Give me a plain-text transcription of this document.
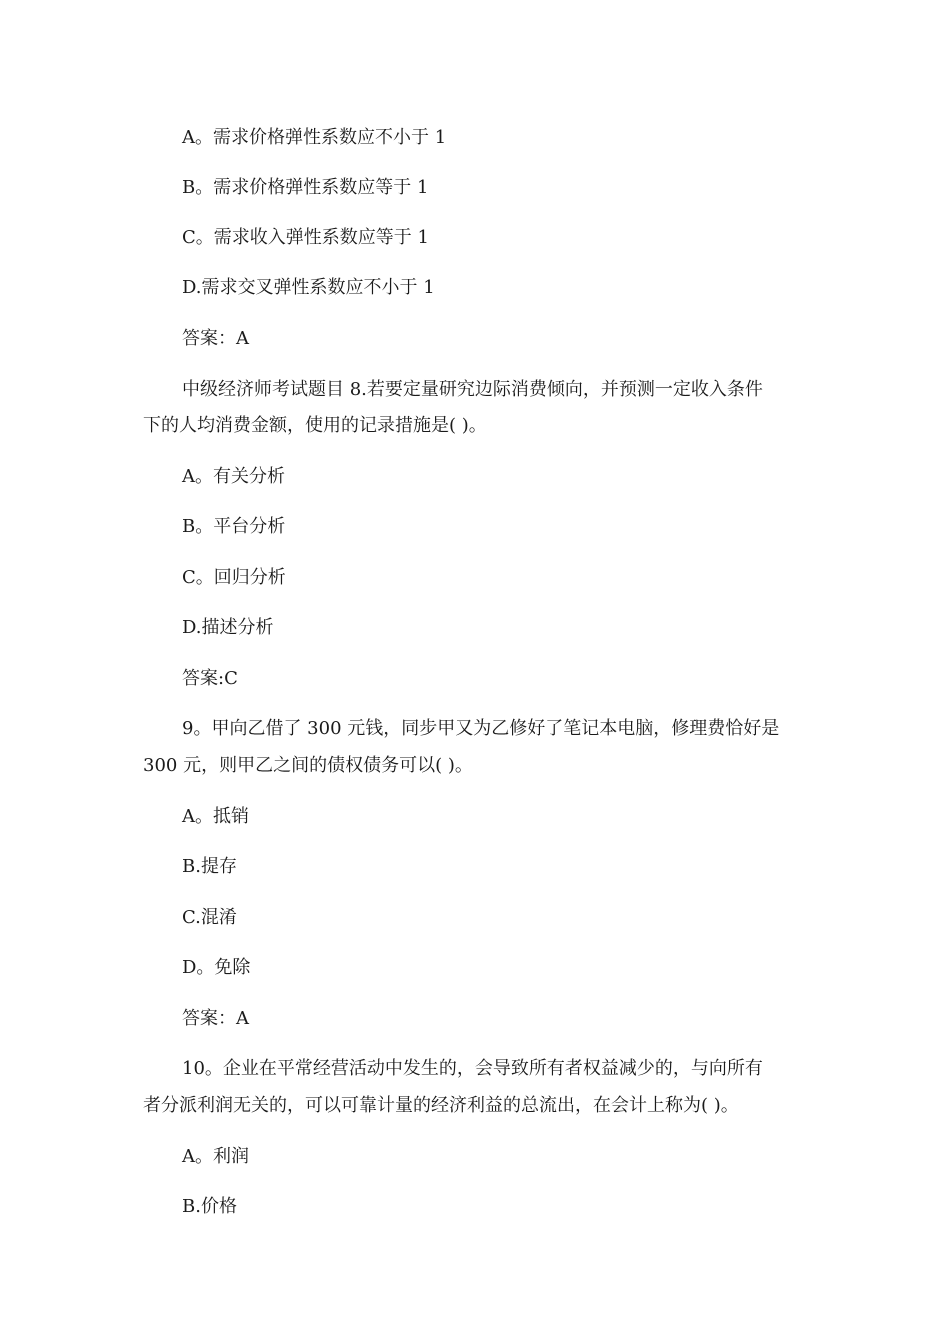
A。需求价格弹性系数应不小于 1
B。需求价格弹性系数应等于 1
C。需求收入弹性系数应等于 1
D.需求交叉弹性系数应不小于 1
答案：A
中级经济师考试题目 8.若要定量研究边际消费倾向，并预测一定收入条件
下的人均消费金额，使用的记录措施是( )。
A。有关分析
B。平台分析
C。回归分析
D.描述分析
答案:C
9。甲向乙借了 300 元钱，同步甲又为乙修好了笔记本电脑，修理费恰好是
300 元，则甲乙之间的债权债务可以( )。
A。抵销
B.提存
C.混淆
D。免除
答案：A
10。企业在平常经营活动中发生的，会导致所有者权益减少的，与向所有
者分派利润无关的，可以可靠计量的经济利益的总流出，在会计上称为( )。
A。利润
B.价格
